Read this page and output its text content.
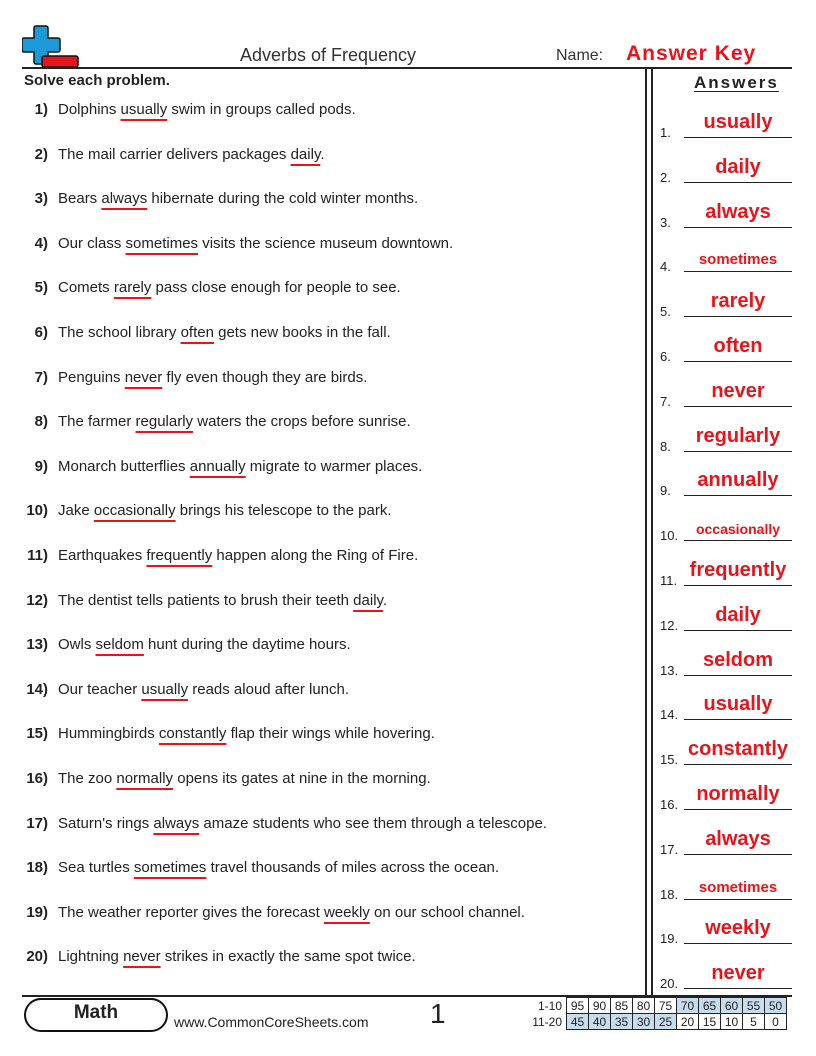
Adverbs of Frequency	Name: Answer Key
Solve each problem.	Answers
1) Dolphins usually swim in groups called pods.
2) The mail carrier delivers packages daily.
3) Bears always hibernate during the cold winter months.
4) Our class sometimes visits the science museum downtown.
5) Comets rarely pass close enough for people to see.
6) The school library often gets new books in the fall.
7) Penguins never fly even though they are birds.
8) The farmer regularly waters the crops before sunrise.
9) Monarch butterflies annually migrate to warmer places.
10) Jake occasionally brings his telescope to the park.
11) Earthquakes frequently happen along the Ring of Fire.
12) The dentist tells patients to brush their teeth daily.
13) Owls seldom hunt during the daytime hours.
14) Our teacher usually reads aloud after lunch.
15) Hummingbirds constantly flap their wings while hovering.
16) The zoo normally opens its gates at nine in the morning.
17) Saturn's rings always amaze students who see them through a telescope.
18) Sea turtles sometimes travel thousands of miles across the ocean.
19) The weather reporter gives the forecast weekly on our school channel.
20) Lightning never strikes in exactly the same spot twice.
1.	usually
2.	daily
3.	always
4.	sometimes
5.	rarely
6.	often
7.	never
8.	regularly
9.	annually
10.	occasionally
11. frequently
12.	daily
13.	seldom
14.	usually
15. constantly
16. normally
17.	always
18.	sometimes
19.	weekly
20.	never
Math	www.CommonCoreSheets.com 1	1-10	95	90	85	80	75	70	65	60	55	50
11-20	45	40	35	30	25	20	15	10	5	0
